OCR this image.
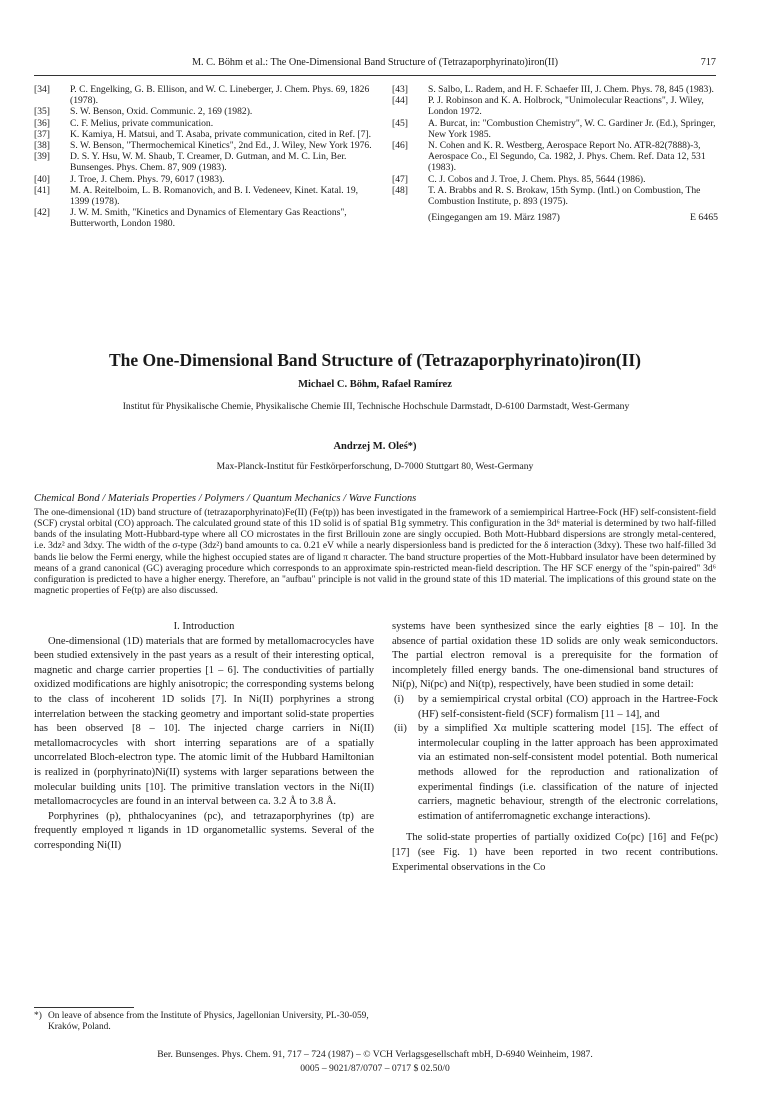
M. C. Böhm et al.: The One-Dimensional Band Structure of (Tetrazaporphyrinato)iron(II)	717

[34] P. C. Engelking, G. B. Ellison, and W. C. Lineberger, J. Chem. Phys. 69, 1826 (1978).

[35] S. W. Benson, Oxid. Communic. 2, 169 (1982).

[36] C. F. Melius, private communication.

[37] K. Kamiya, H. Matsui, and T. Asaba, private communication, cited in Ref. [7].

[38] S. W. Benson, "Thermochemical Kinetics", 2nd Ed., J. Wiley, New York 1976.

[39] D. S. Y. Hsu, W. M. Shaub, T. Creamer, D. Gutman, and M. C. Lin, Ber. Bunsenges. Phys. Chem. 87, 909 (1983).

[40] J. Troe, J. Chem. Phys. 79, 6017 (1983).

[41] M. A. Reitelboim, L. B. Romanovich, and B. I. Vedeneev, Kinet. Katal. 19, 1399 (1978).

[42] J. W. M. Smith, "Kinetics and Dynamics of Elementary Gas Reactions", Butterworth, London 1980.

[43] S. Salbo, L. Radem, and H. F. Schaefer III, J. Chem. Phys. 78, 845 (1983).

[44] P. J. Robinson and K. A. Holbrock, "Unimolecular Reactions", J. Wiley, London 1972.

[45] A. Burcat, in: "Combustion Chemistry", W. C. Gardiner Jr. (Ed.), Springer, New York 1985.

[46] N. Cohen and K. R. Westberg, Aerospace Report No. ATR-82(7888)-3, Aerospace Co., El Segundo, Ca. 1982, J. Phys. Chem. Ref. Data 12, 531 (1983).

[47] C. J. Cobos and J. Troe, J. Chem. Phys. 85, 5644 (1986).

[48] T. A. Brabbs and R. S. Brokaw, 15th Symp. (Intl.) on Combustion, The Combustion Institute, p. 893 (1975).

(Eingegangen am 19. März 1987)	E 6465
The One-Dimensional Band Structure of (Tetrazaporphyrinato)iron(II)
Michael C. Böhm, Rafael Ramírez
Institut für Physikalische Chemie, Physikalische Chemie III, Technische Hochschule Darmstadt, D-6100 Darmstadt, West-Germany
Andrzej M. Oleś*)
Max-Planck-Institut für Festkörperforschung, D-7000 Stuttgart 80, West-Germany
Chemical Bond / Materials Properties / Polymers / Quantum Mechanics / Wave Functions
The one-dimensional (1D) band structure of (tetrazaporphyrinato)Fe(II) (Fe(tp)) has been investigated in the framework of a semiempirical Hartree-Fock (HF) self-consistent-field (SCF) crystal orbital (CO) approach. The calculated ground state of this 1D solid is of spatial B1g symmetry. This configuration in the 3d⁶ material is determined by two half-filled bands of the insulating Mott-Hubbard-type where all CO microstates in the first Brillouin zone are singly occupied. Both Mott-Hubbard dispersions are strongly metal-centered, i.e. 3dz² and 3dxy. The width of the σ-type (3dz²) band amounts to ca. 0.21 eV while a nearly dispersionless band is predicted for the δ interaction (3dxy). These two half-filled 3d bands lie below the Fermi energy, while the highest occupied states are of ligand π character. The band structure properties of the Mott-Hubbard insulator have been determined by means of a grand canonical (GC) averaging procedure which corresponds to an approximate spin-restricted mean-field description. The HF SCF energy of the "spin-paired" 3d⁶ configuration is predicted to have a higher energy. Therefore, an "aufbau" principle is not valid in the ground state of this 1D material. The implications of this ground state on the magnetic properties of Fe(tp) are also discussed.

I. Introduction

One-dimensional (1D) materials that are formed by metallomacrocycles have been studied extensively in the past years as a result of their interesting optical, magnetic and charge carrier properties [1 – 6]. The conductivities of partially oxidized modifications are highly anisotropic; the corresponding systems belong to the class of incoherent 1D solids [7]. In Ni(II) porphyrines a strong interrelation between the stacking geometry and important solid-state properties has been observed [8 – 10]. The injected charge carriers in Ni(II) metallomacrocycles with short interring separations are of a spatially uncorrelated Bloch-electron type. The atomic limit of the Hubbard Hamiltonian is realized in (porphyrinato)Ni(II) systems with larger separations between the molecular building units [10]. The primitive translation vectors in the Ni(II) metallomacrocycles are found in an interval between ca. 3.2 Å to 3.8 Å.

Porphyrines (p), phthalocyanines (pc), and tetrazaporphyrines (tp) are frequently employed π ligands in 1D organometallic systems. Several of the corresponding Ni(II)

systems have been synthesized since the early eighties [8 – 10]. In the absence of partial oxidation these 1D solids are only weak semiconductors. The partial electron removal is a prerequisite for the formation of incompletely filled energy bands. The one-dimensional band structures of Ni(p), Ni(pc) and Ni(tp), respectively, have been studied in some detail:

(i) by a semiempirical crystal orbital (CO) approach in the Hartree-Fock (HF) self-consistent-field (SCF) formalism [11 – 14], and

(ii) by a simplified Xα multiple scattering model [15]. The effect of intermolecular coupling in the latter approach has been approximated via an estimated non-self-consistent model potential. Both numerical methods allowed for the reproduction and rationalization of experimental findings (i.e. classification of the nature of injected carriers, magnetic behaviour, strength of the electronic correlations, estimation of antiferromagnetic exchange interactions).

The solid-state properties of partially oxidized Co(pc) [16] and Fe(pc) [17] (see Fig. 1) have been reported in two recent contributions. Experimental observations in the Co

*) On leave of absence from the Institute of Physics, Jagellonian University, PL-30-059, Kraków, Poland.
Ber. Bunsenges. Phys. Chem. 91, 717 – 724 (1987) – © VCH Verlagsgesellschaft mbH, D-6940 Weinheim, 1987.
0005 – 9021/87/0707 – 0717 $ 02.50/0
